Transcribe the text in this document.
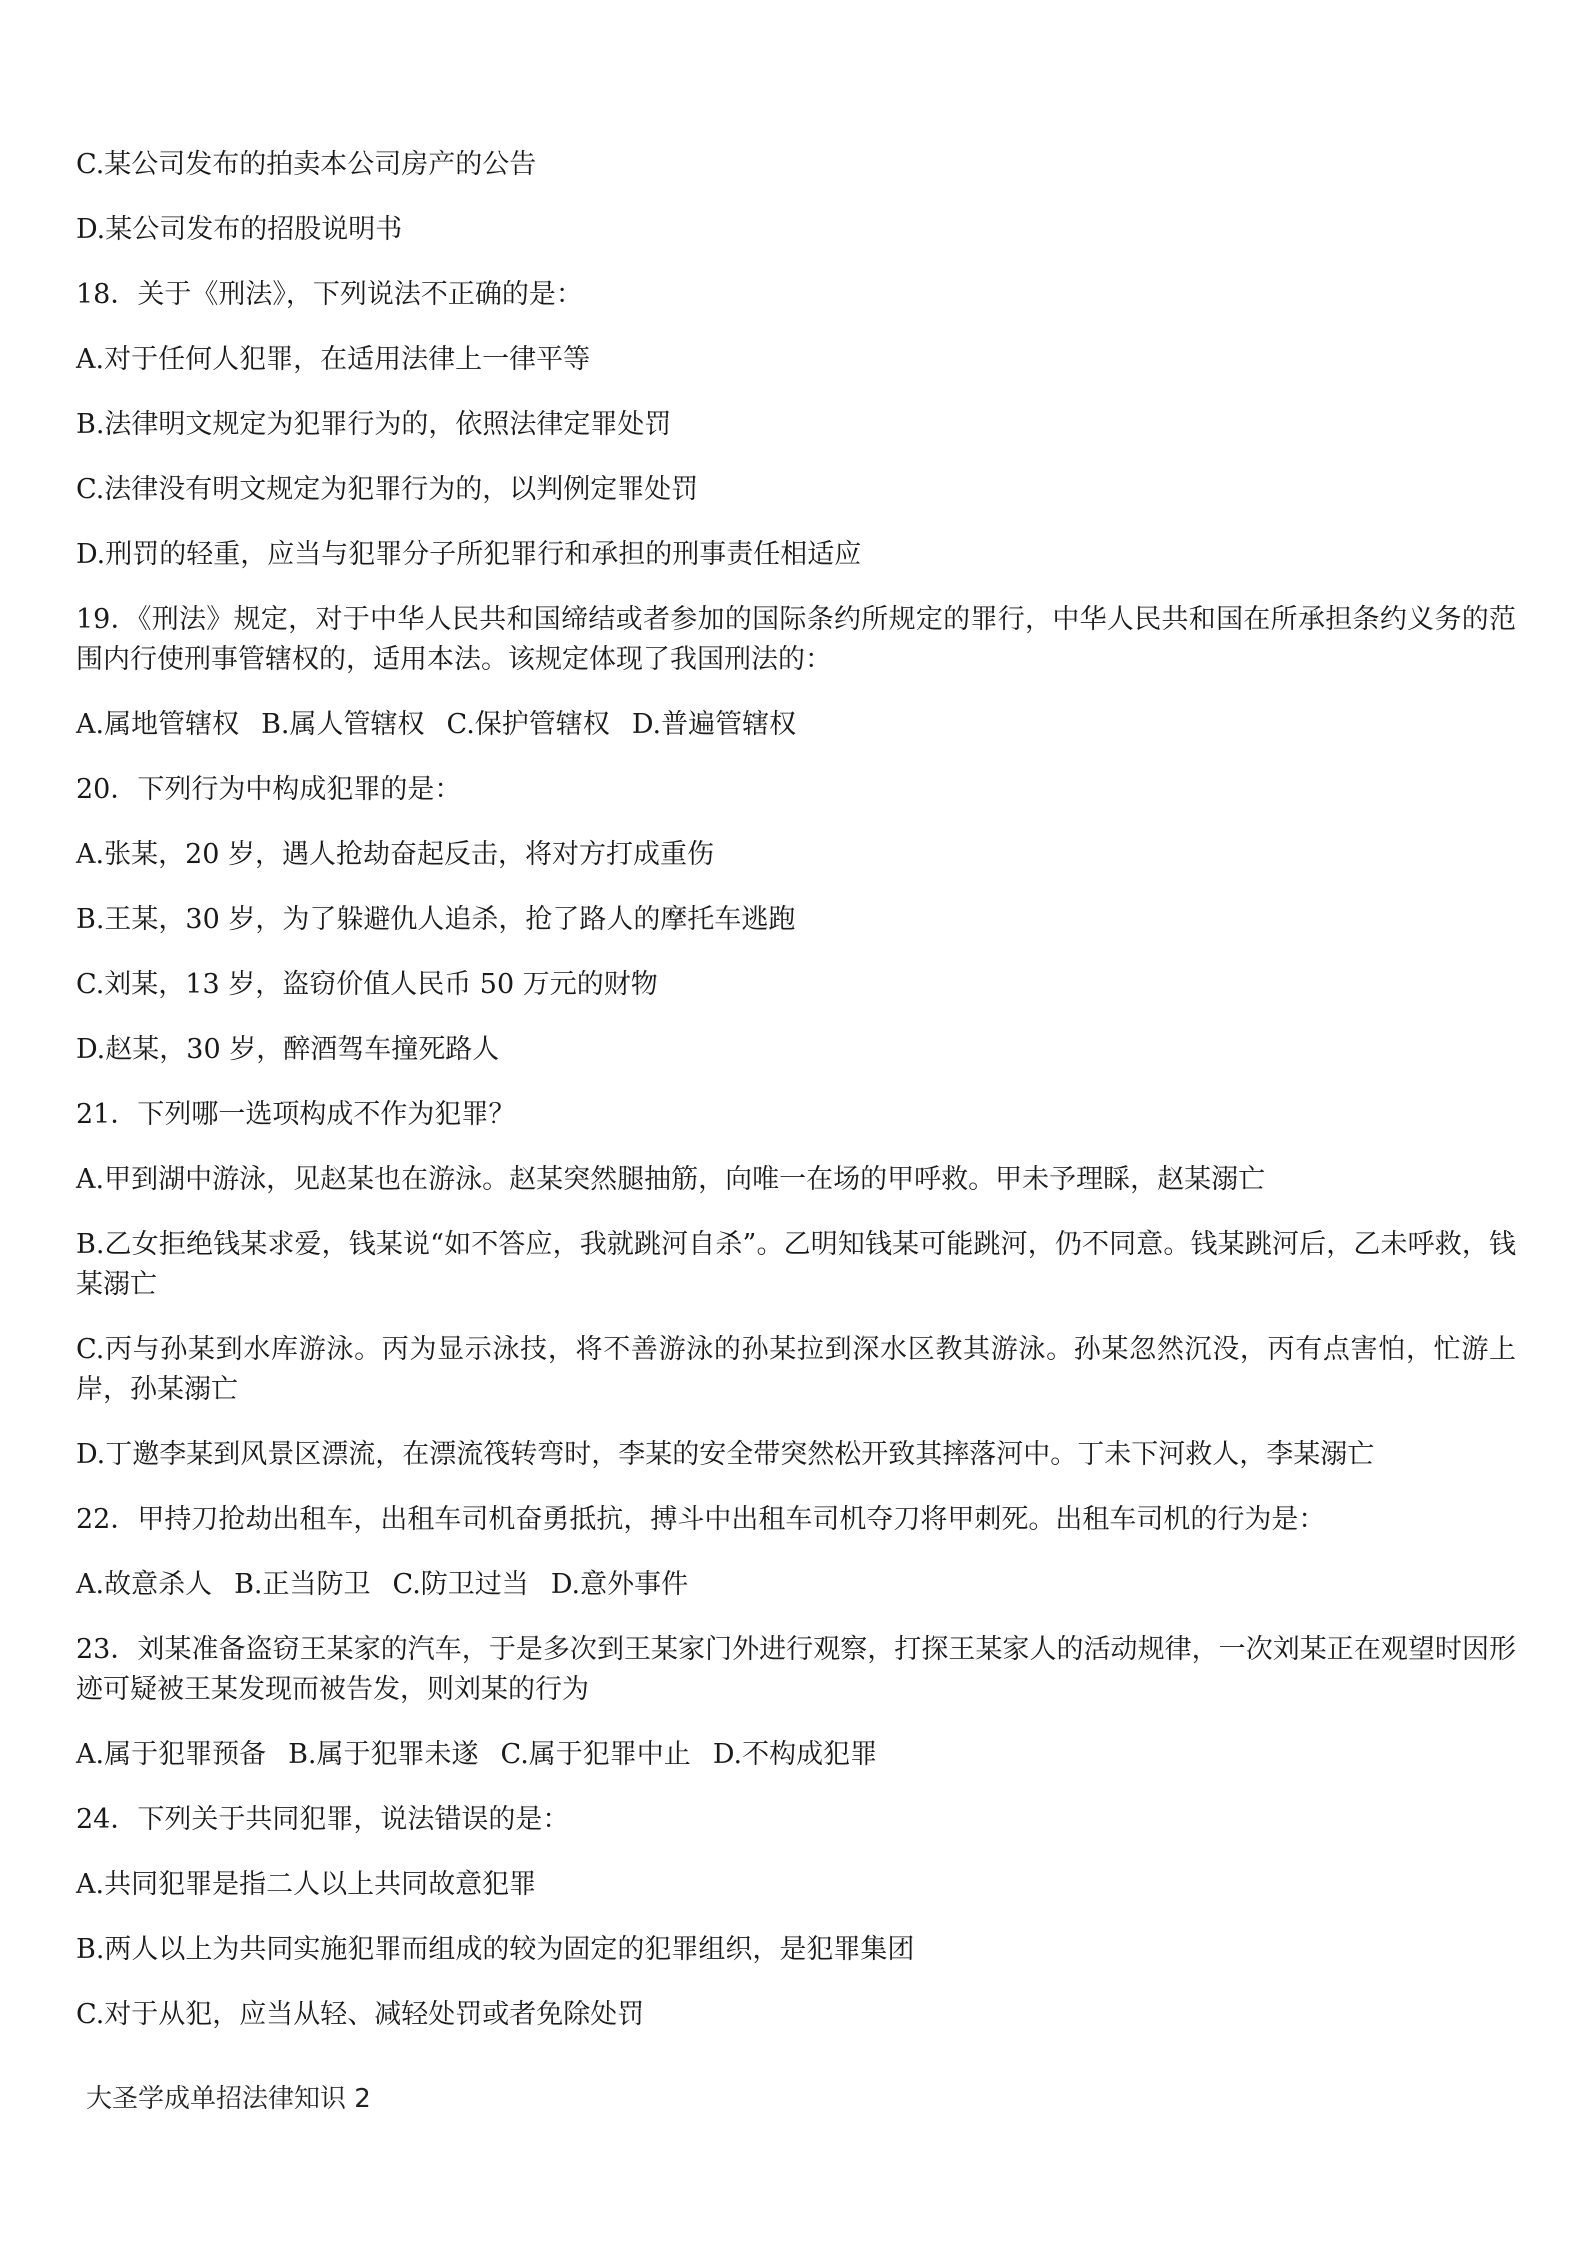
C.某公司发布的拍卖本公司房产的公告

D.某公司发布的招股说明书

18．关于《刑法》，下列说法不正确的是：

A.对于任何人犯罪，在适用法律上一律平等

B.法律明文规定为犯罪行为的，依照法律定罪处罚

C.法律没有明文规定为犯罪行为的，以判例定罪处罚

D.刑罚的轻重，应当与犯罪分子所犯罪行和承担的刑事责任相适应

19．《刑法》规定，对于中华人民共和国缔结或者参加的国际条约所规定的罪行，中华人民共和国在所承担条约义务的范围内行使刑事管辖权的，适用本法。该规定体现了我国刑法的：

A.属地管辖权 B.属人管辖权 C.保护管辖权 D.普遍管辖权

20．下列行为中构成犯罪的是：

A.张某，20 岁，遇人抢劫奋起反击，将对方打成重伤

B.王某，30 岁，为了躲避仇人追杀，抢了路人的摩托车逃跑

C.刘某，13 岁，盗窃价值人民币 50 万元的财物

D.赵某，30 岁，醉酒驾车撞死路人

21．下列哪一选项构成不作为犯罪？

A.甲到湖中游泳，见赵某也在游泳。赵某突然腿抽筋，向唯一在场的甲呼救。甲未予理睬，赵某溺亡

B.乙女拒绝钱某求爱，钱某说“如不答应，我就跳河自杀”。乙明知钱某可能跳河，仍不同意。钱某跳河后，乙未呼救，钱某溺亡

C.丙与孙某到水库游泳。丙为显示泳技，将不善游泳的孙某拉到深水区教其游泳。孙某忽然沉没，丙有点害怕，忙游上岸，孙某溺亡

D.丁邀李某到风景区漂流，在漂流筏转弯时，李某的安全带突然松开致其摔落河中。丁未下河救人，李某溺亡

22．甲持刀抢劫出租车，出租车司机奋勇抵抗，搏斗中出租车司机夺刀将甲刺死。出租车司机的行为是：

A.故意杀人 B.正当防卫 C.防卫过当 D.意外事件

23．刘某准备盗窃王某家的汽车，于是多次到王某家门外进行观察，打探王某家人的活动规律，一次刘某正在观望时因形迹可疑被王某发现而被告发，则刘某的行为

A.属于犯罪预备 B.属于犯罪未遂 C.属于犯罪中止 D.不构成犯罪

24．下列关于共同犯罪，说法错误的是：

A.共同犯罪是指二人以上共同故意犯罪

B.两人以上为共同实施犯罪而组成的较为固定的犯罪组织，是犯罪集团

C.对于从犯，应当从轻、减轻处罚或者免除处罚

大圣学成单招法律知识 2
